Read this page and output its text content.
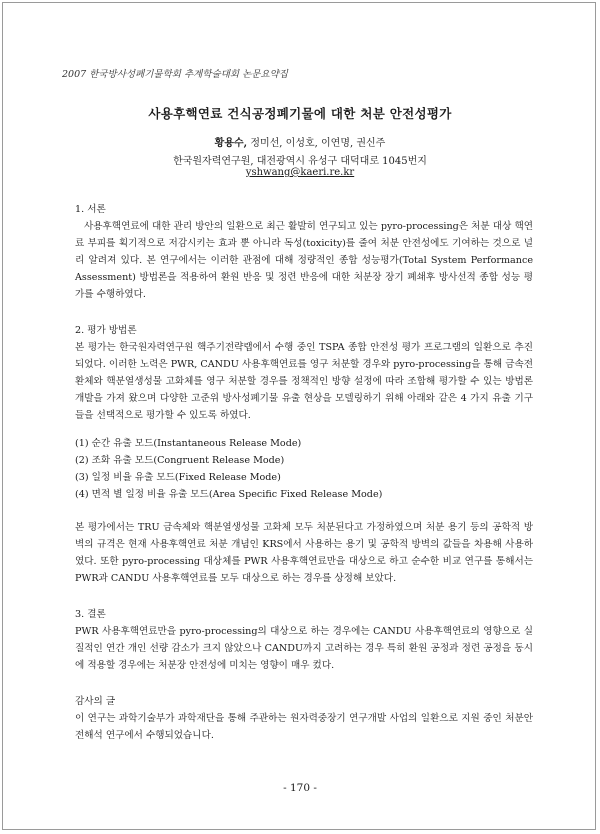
2007 한국방사성폐기물학회 추계학술대회 논문요약집
사용후핵연료 건식공정폐기물에 대한 처분 안전성평가
황용수, 정미선, 이성호, 이연명, 권신주
한국원자력연구원, 대전광역시 유성구 대덕대로 1045번지
yshwang@kaeri.re.kr

1. 서론

사용후핵연료에 대한 관리 방안의 일환으로 최근 활발히 연구되고 있는 pyro-processing은 처분 대상 핵연료 부피를 획기적으로 저감시키는 효과 뿐 아니라 독성(toxicity)를 줄여 처분 안전성에도 기여하는 것으로 널리 알려져 있다. 본 연구에서는 이러한 관점에 대해 정량적인 종합 성능평가(Total System Performance Assessment) 방법론을 적용하여 환원 반응 및 정련 반응에 대한 처분장 장기 폐쇄후 방사선적 종합 성능 평가를 수행하였다.

2. 평가 방법론

본 평가는 한국원자력연구원 핵주기전략랩에서 수행 중인 TSPA 종합 안전성 평가 프로그램의 일환으로 추진되었다. 이러한 노력은 PWR, CANDU 사용후핵연료를 영구 처분할 경우와 pyro-processing을 통해 금속전환체와 핵분열생성물 고화체를 영구 처분할 경우를 정책적인 방향 설정에 따라 조합해 평가할 수 있는 방법론 개발을 가져 왔으며 다양한 고준위 방사성폐기물 유출 현상을 모델링하기 위해 아래와 같은 4 가지 유출 기구들을 선택적으로 평가할 수 있도록 하였다.

(1) 순간 유출 모드(Instantaneous Release Mode)
(2) 조화 유출 모드(Congruent Release Mode)
(3) 일정 비율 유출 모드(Fixed Release Mode)
(4) 면적 별 일정 비율 유출 모드(Area Specific Fixed Release Mode)

본 평가에서는 TRU 금속체와 핵분열생성물 고화체 모두 처분된다고 가정하였으며 처분 용기 등의 공학적 방벽의 규격은 현재 사용후핵연료 처분 개념인 KRS에서 사용하는 용기 및 공학적 방벽의 값들을 차용해 사용하였다. 또한 pyro-processing 대상체를 PWR 사용후핵연료만을 대상으로 하고 순수한 비교 연구를 통해서는 PWR과 CANDU 사용후핵연료를 모두 대상으로 하는 경우를 상정해 보았다.

3. 결론

PWR 사용후핵연료만을 pyro-processing의 대상으로 하는 경우에는 CANDU 사용후핵연료의 영향으로 실질적인 연간 개인 선량 감소가 크지 않았으나 CANDU까지 고려하는 경우 특히 환원 공정과 정련 공정을 동시에 적용할 경우에는 처분장 안전성에 미치는 영향이 매우 컸다.

감사의 글

이 연구는 과학기술부가 과학재단을 통해 주관하는 원자력중장기 연구개발 사업의 일환으로 지원 중인 처분안전해석 연구에서 수행되었습니다.

- 170 -
